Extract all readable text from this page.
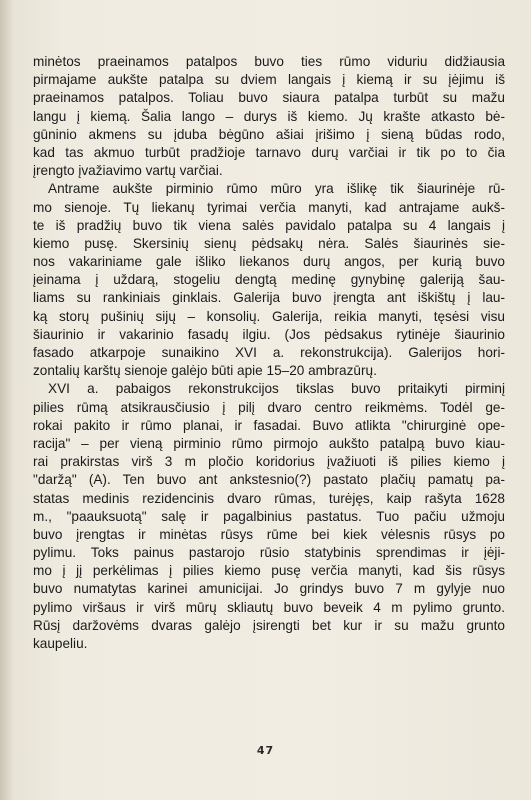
minėtos praeinamos patalpos buvo ties rūmo viduriu didžiausia
pirmajame aukšte patalpa su dviem langais į kiemą ir su įėjimu iš
praeinamos patalpos. Toliau buvo siaura patalpa turbūt su mažu
langu į kiemą. Šalia lango – durys iš kiemo. Jų krašte atkasto bė-
gūninio akmens su įduba bėgūno ašiai įrišimo į sieną būdas rodo,
kad tas akmuo turbūt pradžioje tarnavo durų varčiai ir tik po to čia
įrengto įvažiavimo vartų varčiai.
Antrame aukšte pirminio rūmo mūro yra išlikę tik šiaurinėje rū-
mo sienoje. Tų liekanų tyrimai verčia manyti, kad antrajame aukš-
te iš pradžių buvo tik viena salės pavidalo patalpa su 4 langais į
kiemo pusę. Skersinių sienų pėdsakų nėra. Salės šiaurinės sie-
nos vakariniame gale išliko liekanos durų angos, per kurią buvo
įeinama į uždarą, stogeliu dengtą medinę gynybinę galeriją šau-
liams su rankiniais ginklais. Galerija buvo įrengta ant iškištų į lau-
ką storų pušinių sijų – konsolių. Galerija, reikia manyti, tęsėsi visu
šiaurinio ir vakarinio fasadų ilgiu. (Jos pėdsakus rytinėje šiaurinio
fasado atkarpoje sunaikino XVI a. rekonstrukcija). Galerijos hori-
zontalių karštų sienoje galėjo būti apie 15–20 ambrazūrų.
XVI a. pabaigos rekonstrukcijos tikslas buvo pritaikyti pirminį
pilies rūmą atsikrausčiusio į pilį dvaro centro reikmėms. Todėl ge-
rokai pakito ir rūmo planai, ir fasadai. Buvo atlikta "chirurginė ope-
racija" – per vieną pirminio rūmo pirmojo aukšto patalpą buvo kiau-
rai prakirstas virš 3 m pločio koridorius įvažiuoti iš pilies kiemo į
"daržą" (A). Ten buvo ant ankstesnio(?) pastato plačių pamatų pa-
statas medinis rezidencinis dvaro rūmas, turėjęs, kaip rašyta 1628
m., "paauksuotą" salę ir pagalbinius pastatus. Tuo pačiu užmoju
buvo įrengtas ir minėtas rūsys rūme bei kiek vėlesnis rūsys po
pylimu. Toks painus pastarojo rūsio statybinis sprendimas ir įėji-
mo į jį perkėlimas į pilies kiemo pusę verčia manyti, kad šis rūsys
buvo numatytas karinei amunicijai. Jo grindys buvo 7 m gylyje nuo
pylimo viršaus ir virš mūrų skliautų buvo beveik 4 m pylimo grunto.
Rūsį daržovėms dvaras galėjo įsirengti bet kur ir su mažu grunto
kaupeliu.
47
